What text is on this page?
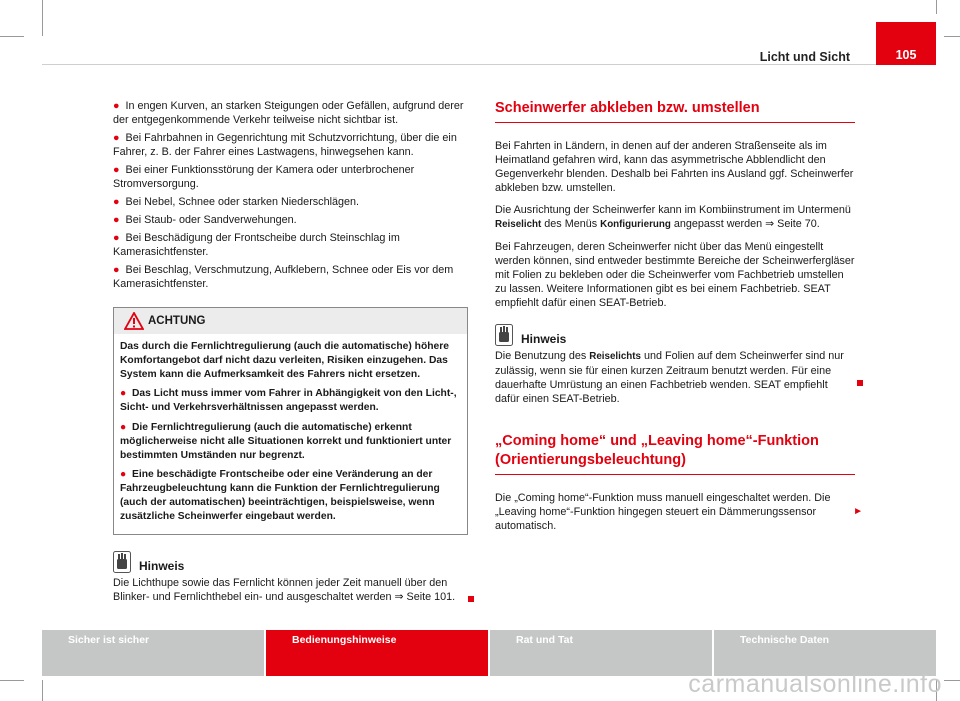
Licht und Sicht	105
● In engen Kurven, an starken Steigungen oder Gefällen, aufgrund derer der entgegenkommende Verkehr teilweise nicht sichtbar ist.
● Bei Fahrbahnen in Gegenrichtung mit Schutzvorrichtung, über die ein Fahrer, z. B. der Fahrer eines Lastwagens, hinwegsehen kann.
● Bei einer Funktionsstörung der Kamera oder unterbrochener Stromversorgung.
● Bei Nebel, Schnee oder starken Niederschlägen.
● Bei Staub- oder Sandverwehungen.
● Bei Beschädigung der Frontscheibe durch Steinschlag im Kamerasichtfenster.
● Bei Beschlag, Verschmutzung, Aufklebern, Schnee oder Eis vor dem Kamerasichtfenster.
ACHTUNG

Das durch die Fernlichtregulierung (auch die automatische) höhere Komfortangebot darf nicht dazu verleiten, Risiken einzugehen. Das System kann die Aufmerksamkeit des Fahrers nicht ersetzen.

● Das Licht muss immer vom Fahrer in Abhängigkeit von den Licht-, Sicht- und Verkehrsverhältnissen angepasst werden.

● Die Fernlichtregulierung (auch die automatische) erkennt möglicherweise nicht alle Situationen korrekt und funktioniert unter bestimmten Umständen nur begrenzt.

● Eine beschädigte Frontscheibe oder eine Veränderung an der Fahrzeugbeleuchtung kann die Funktion der Fernlichtregulierung (auch der automatischen) beeinträchtigen, beispielsweise, wenn zusätzliche Scheinwerfer eingebaut werden.

Hinweis
Die Lichthupe sowie das Fernlicht können jeder Zeit manuell über den Blinker- und Fernlichthebel ein- und ausgeschaltet werden ⇒ Seite 101.
Scheinwerfer abkleben bzw. umstellen

Bei Fahrten in Ländern, in denen auf der anderen Straßenseite als im Heimatland gefahren wird, kann das asymmetrische Abblendlicht den Gegenverkehr blenden. Deshalb bei Fahrten ins Ausland ggf. Scheinwerfer abkleben bzw. umstellen.

Die Ausrichtung der Scheinwerfer kann im Kombiinstrument im Untermenü Reiselicht des Menüs Konfigurierung angepasst werden ⇒ Seite 70.

Bei Fahrzeugen, deren Scheinwerfer nicht über das Menü eingestellt werden können, sind entweder bestimmte Bereiche der Scheinwerfergläser mit Folien zu bekleben oder die Scheinwerfer vom Fachbetrieb umstellen zu lassen. Weitere Informationen gibt es bei einem Fachbetrieb. SEAT empfiehlt dafür einen SEAT-Betrieb.

Hinweis

Die Benutzung des Reiselichts und Folien auf dem Scheinwerfer sind nur zulässig, wenn sie für einen kurzen Zeitraum benutzt werden. Für eine dauerhafte Umrüstung an einen Fachbetrieb wenden. SEAT empfiehlt dafür einen SEAT-Betrieb.

„Coming home“ und „Leaving home“-Funktion
(Orientierungsbeleuchtung)

Die „Coming home“-Funktion muss manuell eingeschaltet werden. Die „Leaving home“-Funktion hingegen steuert ein Dämmerungssensor automatisch.
►

Sicher ist sicher	Bedienungshinweise	Rat und Tat	Technische Daten
carmanualsonline.info
